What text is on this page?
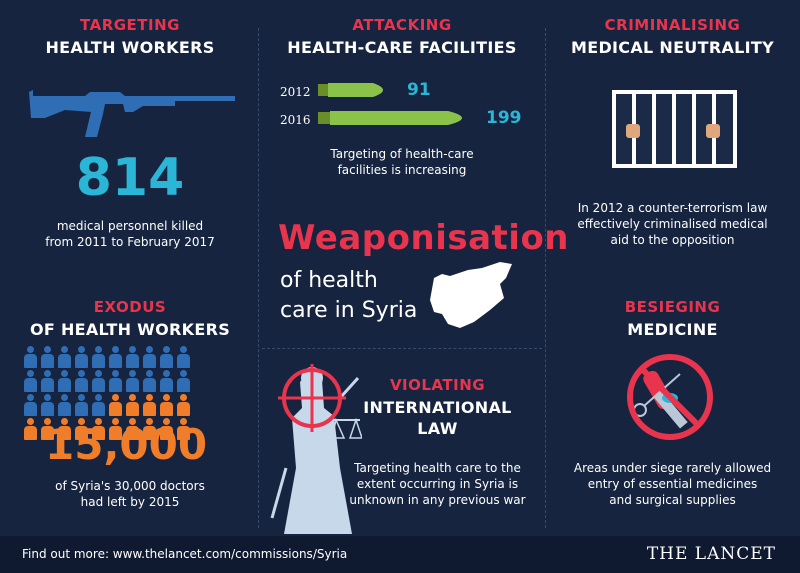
TARGETING
HEALTH WORKERS
814
medical personnel killed
from 2011 to February 2017
ATTACKING
HEALTH-CARE FACILITIES
2012	91
2016	199
Targeting of health-care
facilities is increasing
CRIMINALISING
MEDICAL NEUTRALITY
In 2012 a counter-terrorism law
effectively criminalised medical
aid to the opposition
Weaponisation
of health
care in Syria
EXODUS
OF HEALTH WORKERS
15,000
of Syria's 30,000 doctors
had left by 2015
VIOLATING
INTERNATIONAL
LAW
Targeting health care to the
extent occurring in Syria is
unknown in any previous war
BESIEGING
MEDICINE
Areas under siege rarely allowed
entry of essential medicines
and surgical supplies
Find out more: www.thelancet.com/commissions/Syria	THE LANCET
